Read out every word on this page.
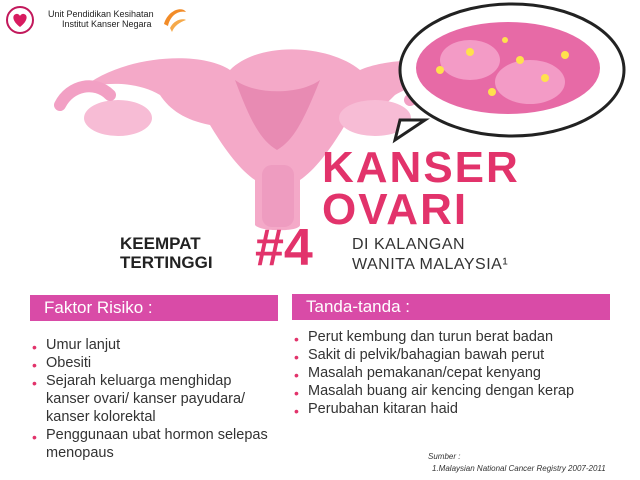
Unit Pendidikan Kesihatan
Institut Kanser Negara
KANSER
OVARI
KEEMPAT
TERTINGGI #4 DI KALANGAN
WANITA MALAYSIA¹
Faktor Risiko :	Tanda-tanda :
• Umur lanjut
• Obesiti
• Sejarah keluarga menghidap kanser ovari/ kanser payudara/ kanser kolorektal
• Penggunaan ubat hormon selepas menopaus
• Perut kembung dan turun berat badan
• Sakit di pelvik/bahagian bawah perut
• Masalah pemakanan/cepat kenyang
• Masalah buang air kencing dengan kerap
• Perubahan kitaran haid
Sumber :
1.Malaysian National Cancer Registry 2007-2011
